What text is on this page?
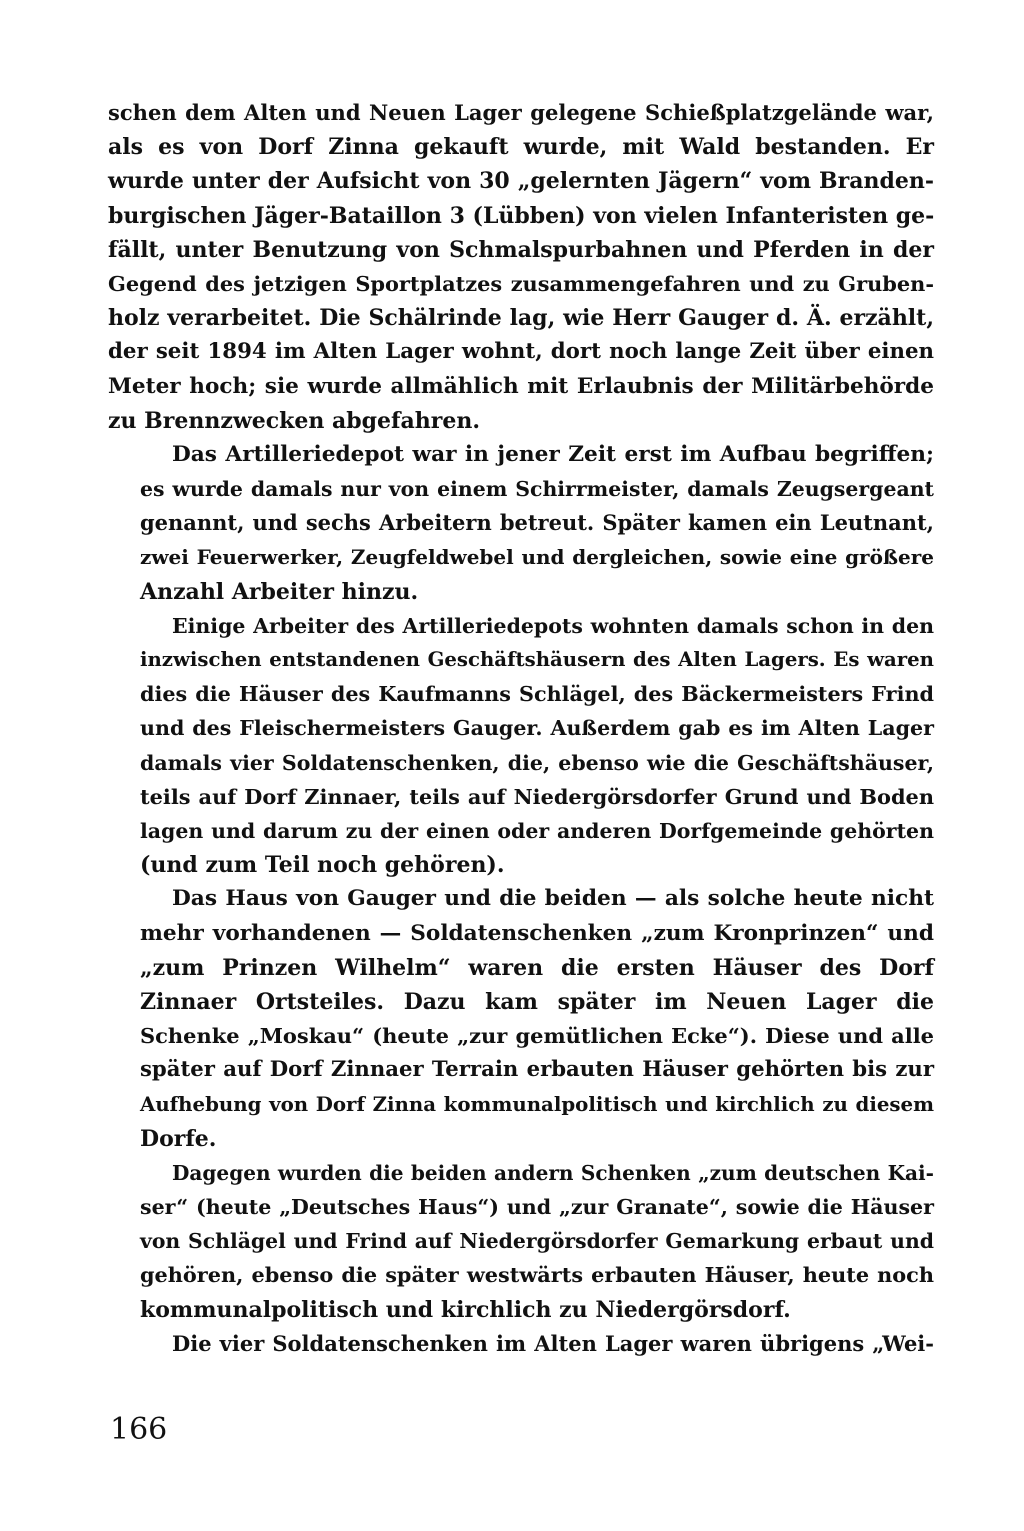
schen dem Alten und Neuen Lager gelegene Schießplatzgelände war,
als es von Dorf Zinna gekauft wurde, mit Wald bestanden. Er
wurde unter der Aufsicht von 30 „gelernten Jägern“ vom Branden-
burgischen Jäger-Bataillon 3 (Lübben) von vielen Infanteristen ge-
fällt, unter Benutzung von Schmalspurbahnen und Pferden in der
Gegend des jetzigen Sportplatzes zusammengefahren und zu Gruben-
holz verarbeitet. Die Schälrinde lag, wie Herr Gauger d. Ä. erzählt,
der seit 1894 im Alten Lager wohnt, dort noch lange Zeit über einen
Meter hoch; sie wurde allmählich mit Erlaubnis der Militärbehörde
zu Brennzwecken abgefahren.
Das Artilleriedepot war in jener Zeit erst im Aufbau begriffen;
es wurde damals nur von einem Schirrmeister, damals Zeugsergeant
genannt, und sechs Arbeitern betreut. Später kamen ein Leutnant,
zwei Feuerwerker, Zeugfeldwebel und dergleichen, sowie eine größere
Anzahl Arbeiter hinzu.
Einige Arbeiter des Artilleriedepots wohnten damals schon in den
inzwischen entstandenen Geschäftshäusern des Alten Lagers. Es waren
dies die Häuser des Kaufmanns Schlägel, des Bäckermeisters Frind
und des Fleischermeisters Gauger. Außerdem gab es im Alten Lager
damals vier Soldatenschenken, die, ebenso wie die Geschäftshäuser,
teils auf Dorf Zinnaer, teils auf Niedergörsdorfer Grund und Boden
lagen und darum zu der einen oder anderen Dorfgemeinde gehörten
(und zum Teil noch gehören).
Das Haus von Gauger und die beiden — als solche heute nicht
mehr vorhandenen — Soldatenschenken „zum Kronprinzen“ und
„zum Prinzen Wilhelm“ waren die ersten Häuser des Dorf
Zinnaer Ortsteiles. Dazu kam später im Neuen Lager die
Schenke „Moskau“ (heute „zur gemütlichen Ecke“). Diese und alle
später auf Dorf Zinnaer Terrain erbauten Häuser gehörten bis zur
Aufhebung von Dorf Zinna kommunalpolitisch und kirchlich zu diesem
Dorfe.
Dagegen wurden die beiden andern Schenken „zum deutschen Kai-
ser“ (heute „Deutsches Haus“) und „zur Granate“, sowie die Häuser
von Schlägel und Frind auf Niedergörsdorfer Gemarkung erbaut und
gehören, ebenso die später westwärts erbauten Häuser, heute noch
kommunalpolitisch und kirchlich zu Niedergörsdorf.
Die vier Soldatenschenken im Alten Lager waren übrigens „Wei-
166
